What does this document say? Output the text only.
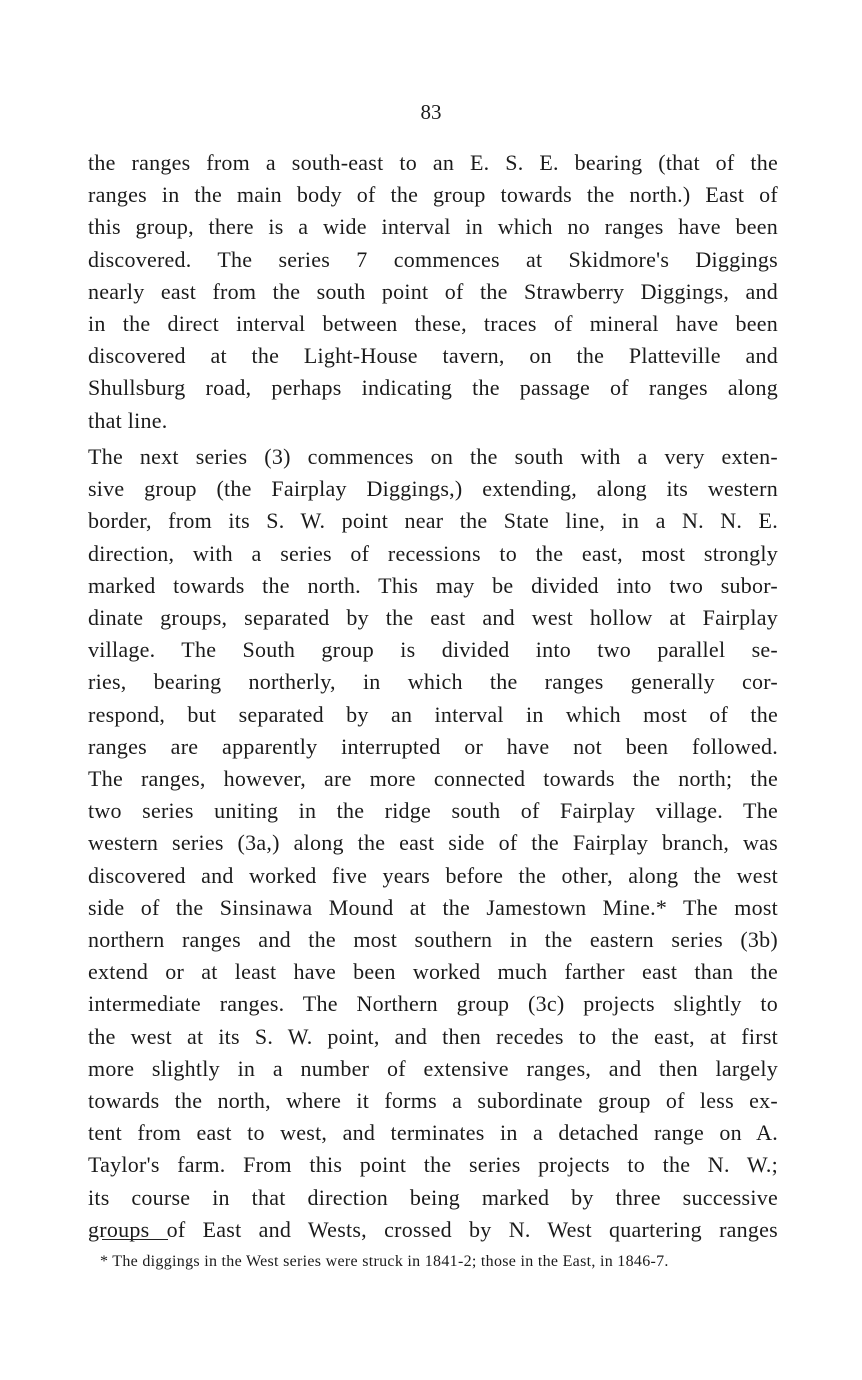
83
the ranges from a south-east to an E. S. E. bearing (that of the
ranges in the main body of the group towards the north.) East of
this group, there is a wide interval in which no ranges have been
discovered. The series 7 commences at Skidmore's Diggings
nearly east from the south point of the Strawberry Diggings, and
in the direct interval between these, traces of mineral have been
discovered at the Light-House tavern, on the Platteville and
Shullsburg road, perhaps indicating the passage of ranges along
that line.
The next series (3) commences on the south with a very exten-
sive group (the Fairplay Diggings,) extending, along its western
border, from its S. W. point near the State line, in a N. N. E.
direction, with a series of recessions to the east, most strongly
marked towards the north. This may be divided into two subor-
dinate groups, separated by the east and west hollow at Fairplay
village. The South group is divided into two parallel se-
ries, bearing northerly, in which the ranges generally cor-
respond, but separated by an interval in which most of the
ranges are apparently interrupted or have not been followed.
The ranges, however, are more connected towards the north; the
two series uniting in the ridge south of Fairplay village. The
western series (3a,) along the east side of the Fairplay branch, was
discovered and worked five years before the other, along the west
side of the Sinsinawa Mound at the Jamestown Mine.* The most
northern ranges and the most southern in the eastern series (3b)
extend or at least have been worked much farther east than the
intermediate ranges. The Northern group (3c) projects slightly to
the west at its S. W. point, and then recedes to the east, at first
more slightly in a number of extensive ranges, and then largely
towards the north, where it forms a subordinate group of less ex-
tent from east to west, and terminates in a detached range on A.
Taylor's farm. From this point the series projects to the N. W.;
its course in that direction being marked by three successive
groups of East and Wests, crossed by N. West quartering ranges
* The diggings in the West series were struck in 1841-2; those in the East, in 1846-7.
